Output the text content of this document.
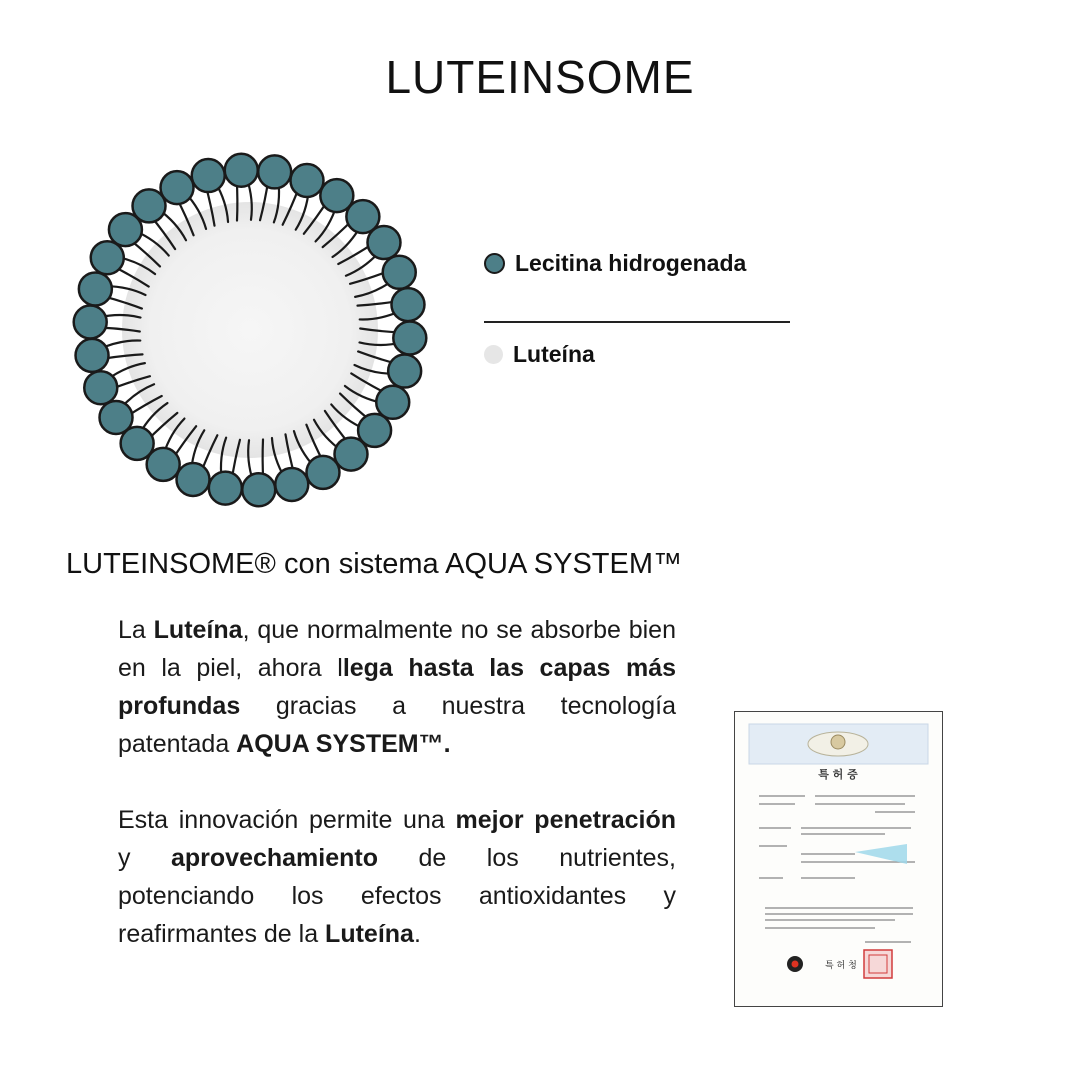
LUTEINSOME
Lecitina hidrogenada
Luteína
LUTEINSOME® con sistema AQUA SYSTEM™

La Luteína, que normalmente no se absorbe bien en la piel, ahora llega hasta las capas más profundas gracias a nuestra tecnología patentada AQUA SYSTEM™.

Esta innovación permite una mejor penetración y aprovechamiento de los nutrientes, potenciando los efectos antioxidantes y reafirmantes de la Luteína.

특 허 증
특 허 청
